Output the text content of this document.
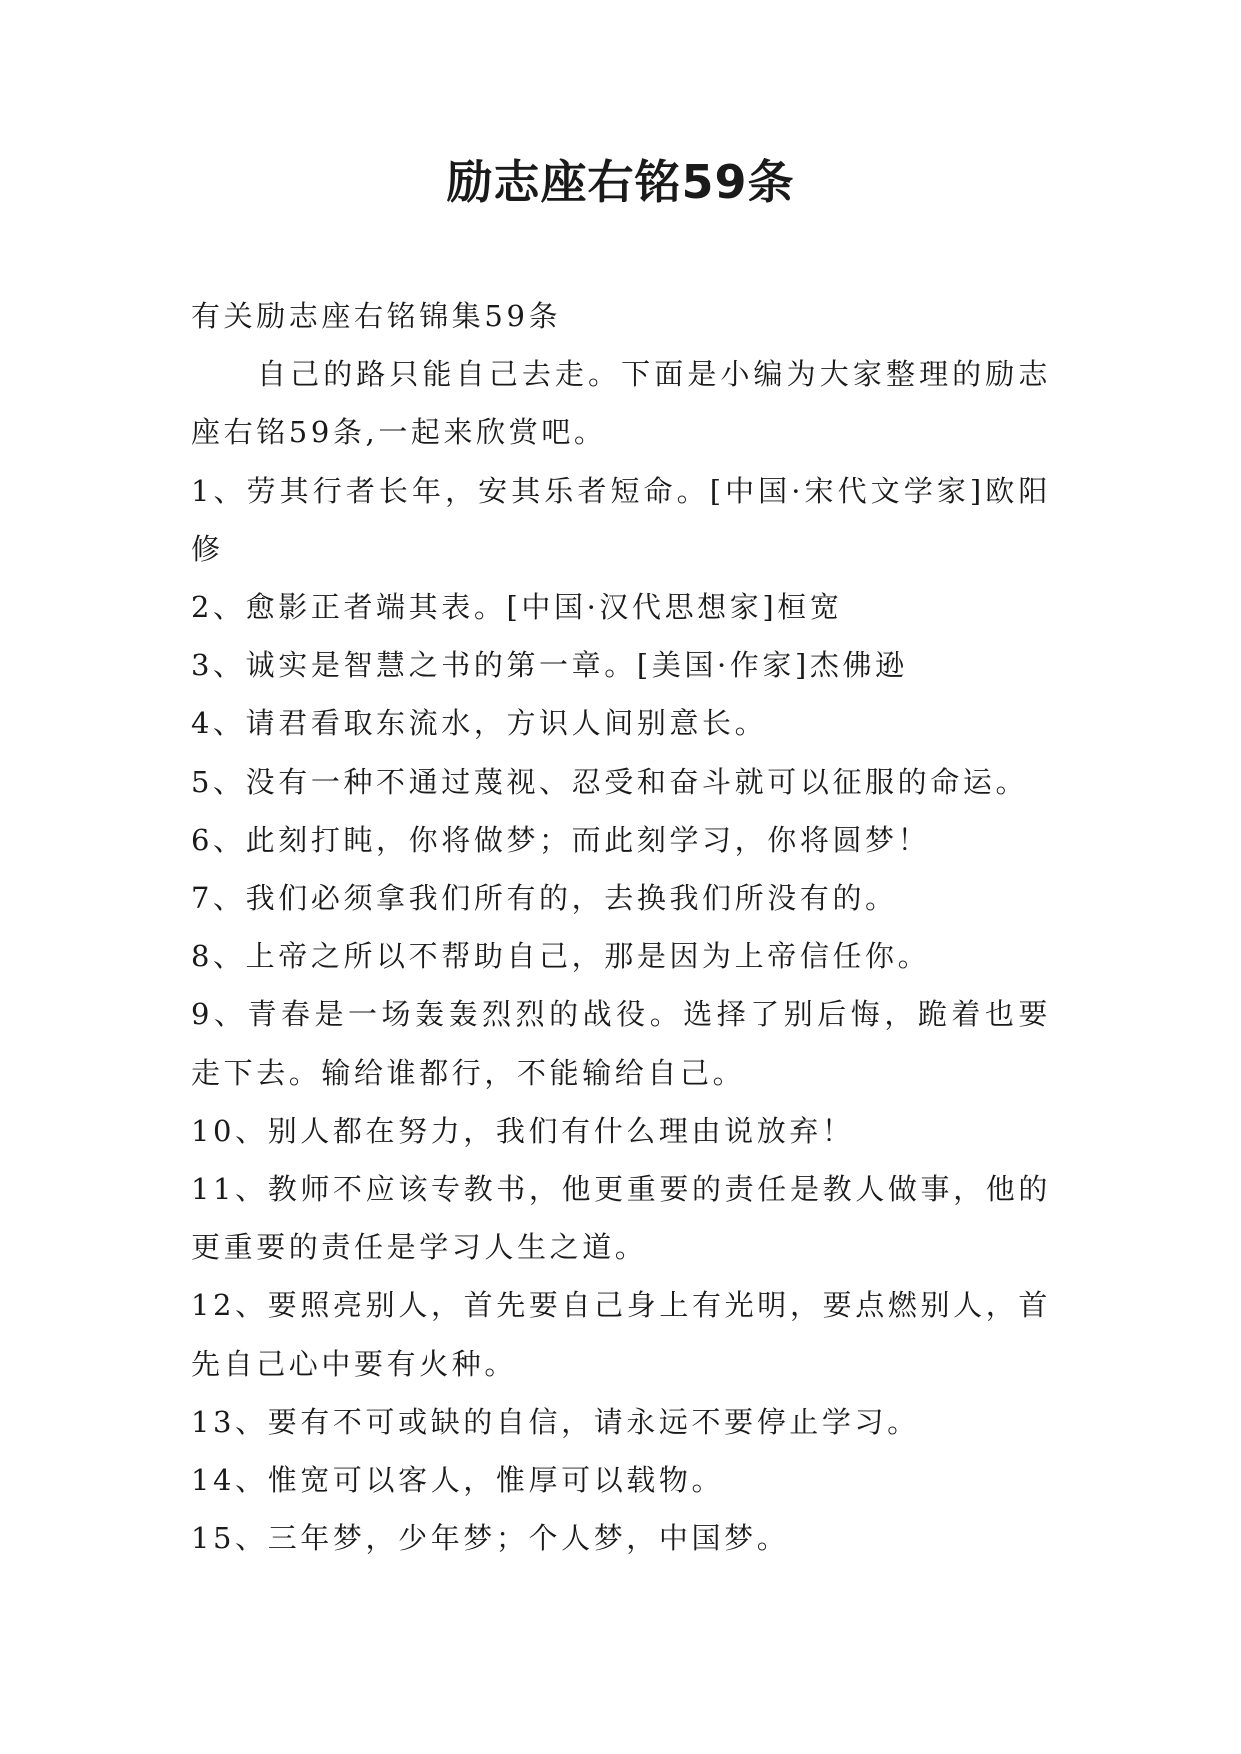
励志座右铭59条

有关励志座右铭锦集59条

自己的路只能自己去走。下面是小编为大家整理的励志座右铭59条,一起来欣赏吧。

1、劳其行者长年，安其乐者短命。[中国·宋代文学家]欧阳修

2、愈影正者端其表。[中国·汉代思想家]桓宽

3、诚实是智慧之书的第一章。[美国·作家]杰佛逊

4、请君看取东流水，方识人间别意长。

5、没有一种不通过蔑视、忍受和奋斗就可以征服的命运。

6、此刻打盹，你将做梦；而此刻学习，你将圆梦！

7、我们必须拿我们所有的，去换我们所没有的。

8、上帝之所以不帮助自己，那是因为上帝信任你。

9、青春是一场轰轰烈烈的战役。选择了别后悔，跪着也要走下去。输给谁都行，不能输给自己。

10、别人都在努力，我们有什么理由说放弃！

11、教师不应该专教书，他更重要的责任是教人做事，他的更重要的责任是学习人生之道。

12、要照亮别人，首先要自己身上有光明，要点燃别人，首先自己心中要有火种。

13、要有不可或缺的自信，请永远不要停止学习。

14、惟宽可以客人，惟厚可以载物。

15、三年梦，少年梦；个人梦，中国梦。
